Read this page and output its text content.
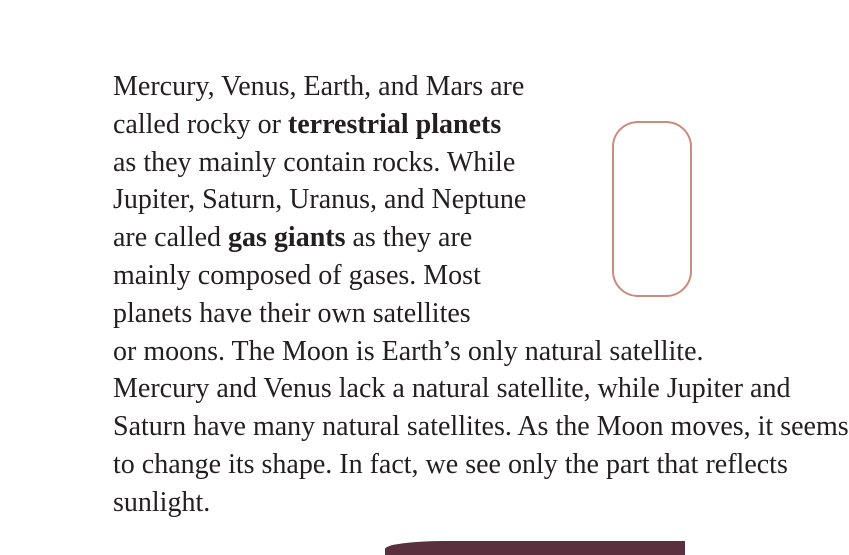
Mercury, Venus, Earth, and Mars are
called rocky or terrestrial planets
as they mainly contain rocks. While
Jupiter, Saturn, Uranus, and Neptune
are called gas giants as they are
mainly composed of gases. Most
planets have their own satellites
or moons. The Moon is Earth’s only natural satellite.
Mercury and Venus lack a natural satellite, while Jupiter and
Saturn have many natural satellites. As the Moon moves, it seems
to change its shape. In fact, we see only the part that reflects
sunlight.
